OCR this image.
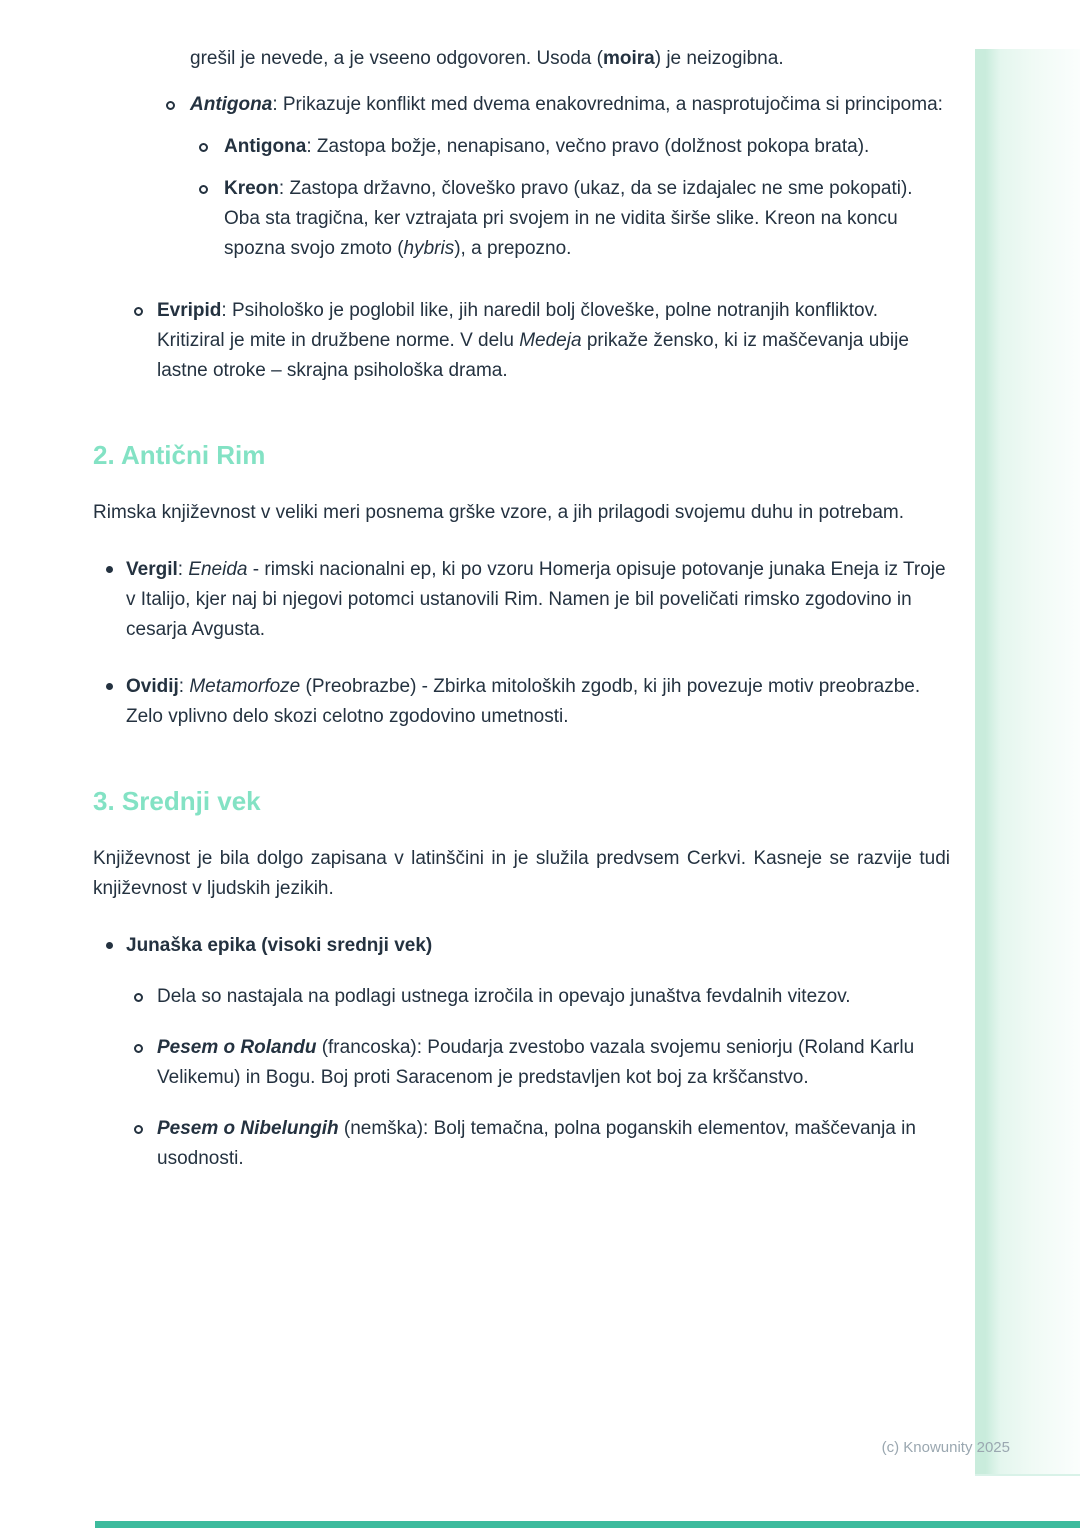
grešil je nevede, a je vseeno odgovoren. Usoda (moira) je neizogibna.
Antigona: Prikazuje konflikt med dvema enakovrednima, a nasprotujočima si principoma:
Antigona: Zastopa božje, nenapisano, večno pravo (dolžnost pokopa brata).
Kreon: Zastopa državno, človeško pravo (ukaz, da se izdajalec ne sme pokopati). Oba sta tragična, ker vztrajata pri svojem in ne vidita širše slike. Kreon na koncu spozna svojo zmoto (hybris), a prepozno.
Evripid: Psihološko je poglobil like, jih naredil bolj človeške, polne notranjih konfliktov. Kritiziral je mite in družbene norme. V delu Medeja prikaže žensko, ki iz maščevanja ubije lastne otroke – skrajna psihološka drama.
2. Antični Rim

Rimska književnost v veliki meri posnema grške vzore, a jih prilagodi svojemu duhu in potrebam.

Vergil: Eneida - rimski nacionalni ep, ki po vzoru Homerja opisuje potovanje junaka Eneja iz Troje v Italijo, kjer naj bi njegovi potomci ustanovili Rim. Namen je bil poveličati rimsko zgodovino in cesarja Avgusta.
Ovidij: Metamorfoze (Preobrazbe) - Zbirka mitoloških zgodb, ki jih povezuje motiv preobrazbe. Zelo vplivno delo skozi celotno zgodovino umetnosti.
3. Srednji vek

Književnost je bila dolgo zapisana v latinščini in je služila predvsem Cerkvi. Kasneje se razvije tudi književnost v ljudskih jezikih.

Junaška epika (visoki srednji vek)
Dela so nastajala na podlagi ustnega izročila in opevajo junaštva fevdalnih vitezov.
Pesem o Rolandu (francoska): Poudarja zvestobo vazala svojemu seniorju (Roland Karlu Velikemu) in Bogu. Boj proti Saracenom je predstavljen kot boj za krščanstvo.
Pesem o Nibelungih (nemška): Bolj temačna, polna poganskih elementov, maščevanja in usodnosti.
(c) Knowunity 2025
